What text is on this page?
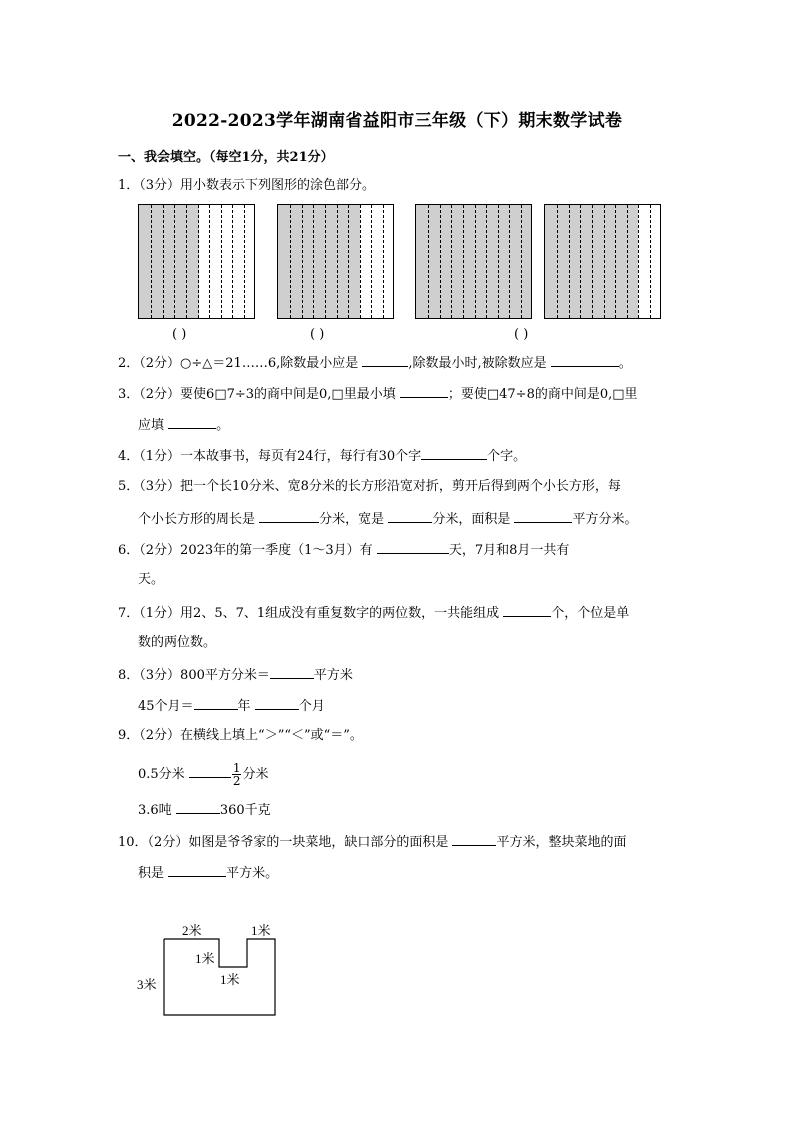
2022-2023学年湖南省益阳市三年级（下）期末数学试卷
一、我会填空。（每空1分，共21分）
1．（3分）用小数表示下列图形的涂色部分。
( )	( )	( )
2．（2分）○÷△＝21……6,除数最小应是	,除数最小时,被除数应是	。
3．（2分）要使6□7÷3的商中间是0,□里最小填	；要使□47÷8的商中间是0,□里
应填	。
4．（1分）一本故事书，每页有24行，每行有30个字	个字。
5．（3分）把一个长10分米、宽8分米的长方形沿宽对折，剪开后得到两个小长方形，每
个小长方形的周长是	分米，宽是	分米，面积是	平方分米。
6．（2分）2023年的第一季度（1～3月）有	天，7月和8月一共有
天。
7．（1分）用2、5、7、1组成没有重复数字的两位数，一共能组成	个，个位是单
数的两位数。
8．（3分）800平方分米＝	平方米
45个月＝	年	个月
9．（2分）在横线上填上“＞”“＜”或“＝”。
0.5分米	$\frac{1}{2}$ 分米
3.6吨	360千克
10．（2分）如图是爷爷家的一块菜地，缺口部分的面积是	平方米，整块菜地的面
积是	平方米。
2米	1米
1米
1米
3米
